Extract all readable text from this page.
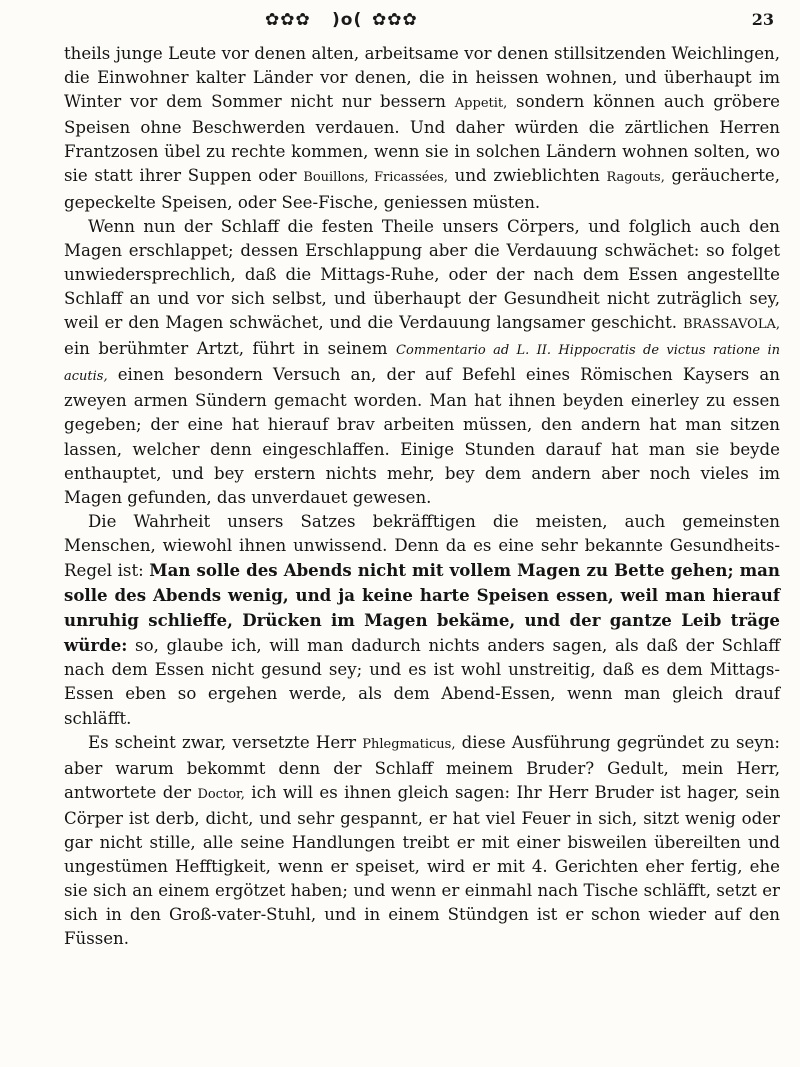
✿✿✿ )o( ✿✿✿	23

theils junge Leute vor denen alten, arbeitsame vor denen stillsitzenden Weichlingen, die Einwohner kalter Länder vor denen, die in heissen wohnen, und überhaupt im Winter vor dem Sommer nicht nur bessern Appetit, sondern können auch gröbere Speisen ohne Beschwerden verdauen. Und daher würden die zärtlichen Herren Frantzosen übel zu rechte kommen, wenn sie in solchen Ländern wohnen solten, wo sie statt ihrer Suppen oder Bouillons, Fricassées, und zwieblichten Ragouts, geräucherte, gepeckelte Speisen, oder See-Fische, geniessen müsten.

Wenn nun der Schlaff die festen Theile unsers Cörpers, und folglich auch den Magen erschlappet; dessen Erschlappung aber die Verdauung schwächet: so folget unwiedersprechlich, daß die Mittags-Ruhe, oder der nach dem Essen angestellte Schlaff an und vor sich selbst, und überhaupt der Gesundheit nicht zuträglich sey, weil er den Magen schwächet, und die Verdauung langsamer geschicht. BRASSAVOLA, ein berühmter Artzt, führt in seinem Commentario ad L. II. Hippocratis de victus ratione in acutis, einen besondern Versuch an, der auf Befehl eines Römischen Kaysers an zweyen armen Sündern gemacht worden. Man hat ihnen beyden einerley zu essen gegeben; der eine hat hierauf brav arbeiten müssen, den andern hat man sitzen lassen, welcher denn eingeschlaffen. Einige Stunden darauf hat man sie beyde enthauptet, und bey erstern nichts mehr, bey dem andern aber noch vieles im Magen gefunden, das unverdauet gewesen.

Die Wahrheit unsers Satzes bekräfftigen die meisten, auch gemeinsten Menschen, wiewohl ihnen unwissend. Denn da es eine sehr bekannte Gesundheits-Regel ist: Man solle des Abends nicht mit vollem Magen zu Bette gehen; man solle des Abends wenig, und ja keine harte Speisen essen, weil man hierauf unruhig schlieffe, Drücken im Magen bekäme, und der gantze Leib träge würde: so, glaube ich, will man dadurch nichts anders sagen, als daß der Schlaff nach dem Essen nicht gesund sey; und es ist wohl unstreitig, daß es dem Mittags-Essen eben so ergehen werde, als dem Abend-Essen, wenn man gleich drauf schläfft.

Es scheint zwar, versetzte Herr Phlegmaticus, diese Ausführung gegründet zu seyn: aber warum bekommt denn der Schlaff meinem Bruder? Gedult, mein Herr, antwortete der Doctor, ich will es ihnen gleich sagen: Ihr Herr Bruder ist hager, sein Cörper ist derb, dicht, und sehr gespannt, er hat viel Feuer in sich, sitzt wenig oder gar nicht stille, alle seine Handlungen treibt er mit einer bisweilen übereilten und ungestümen Hefftigkeit, wenn er speiset, wird er mit 4. Gerichten eher fertig, ehe sie sich an einem ergötzet haben; und wenn er einmahl nach Tische schläfft, setzt er sich in den Groß-vater-Stuhl, und in einem Stündgen ist er schon wieder auf den Füssen.
